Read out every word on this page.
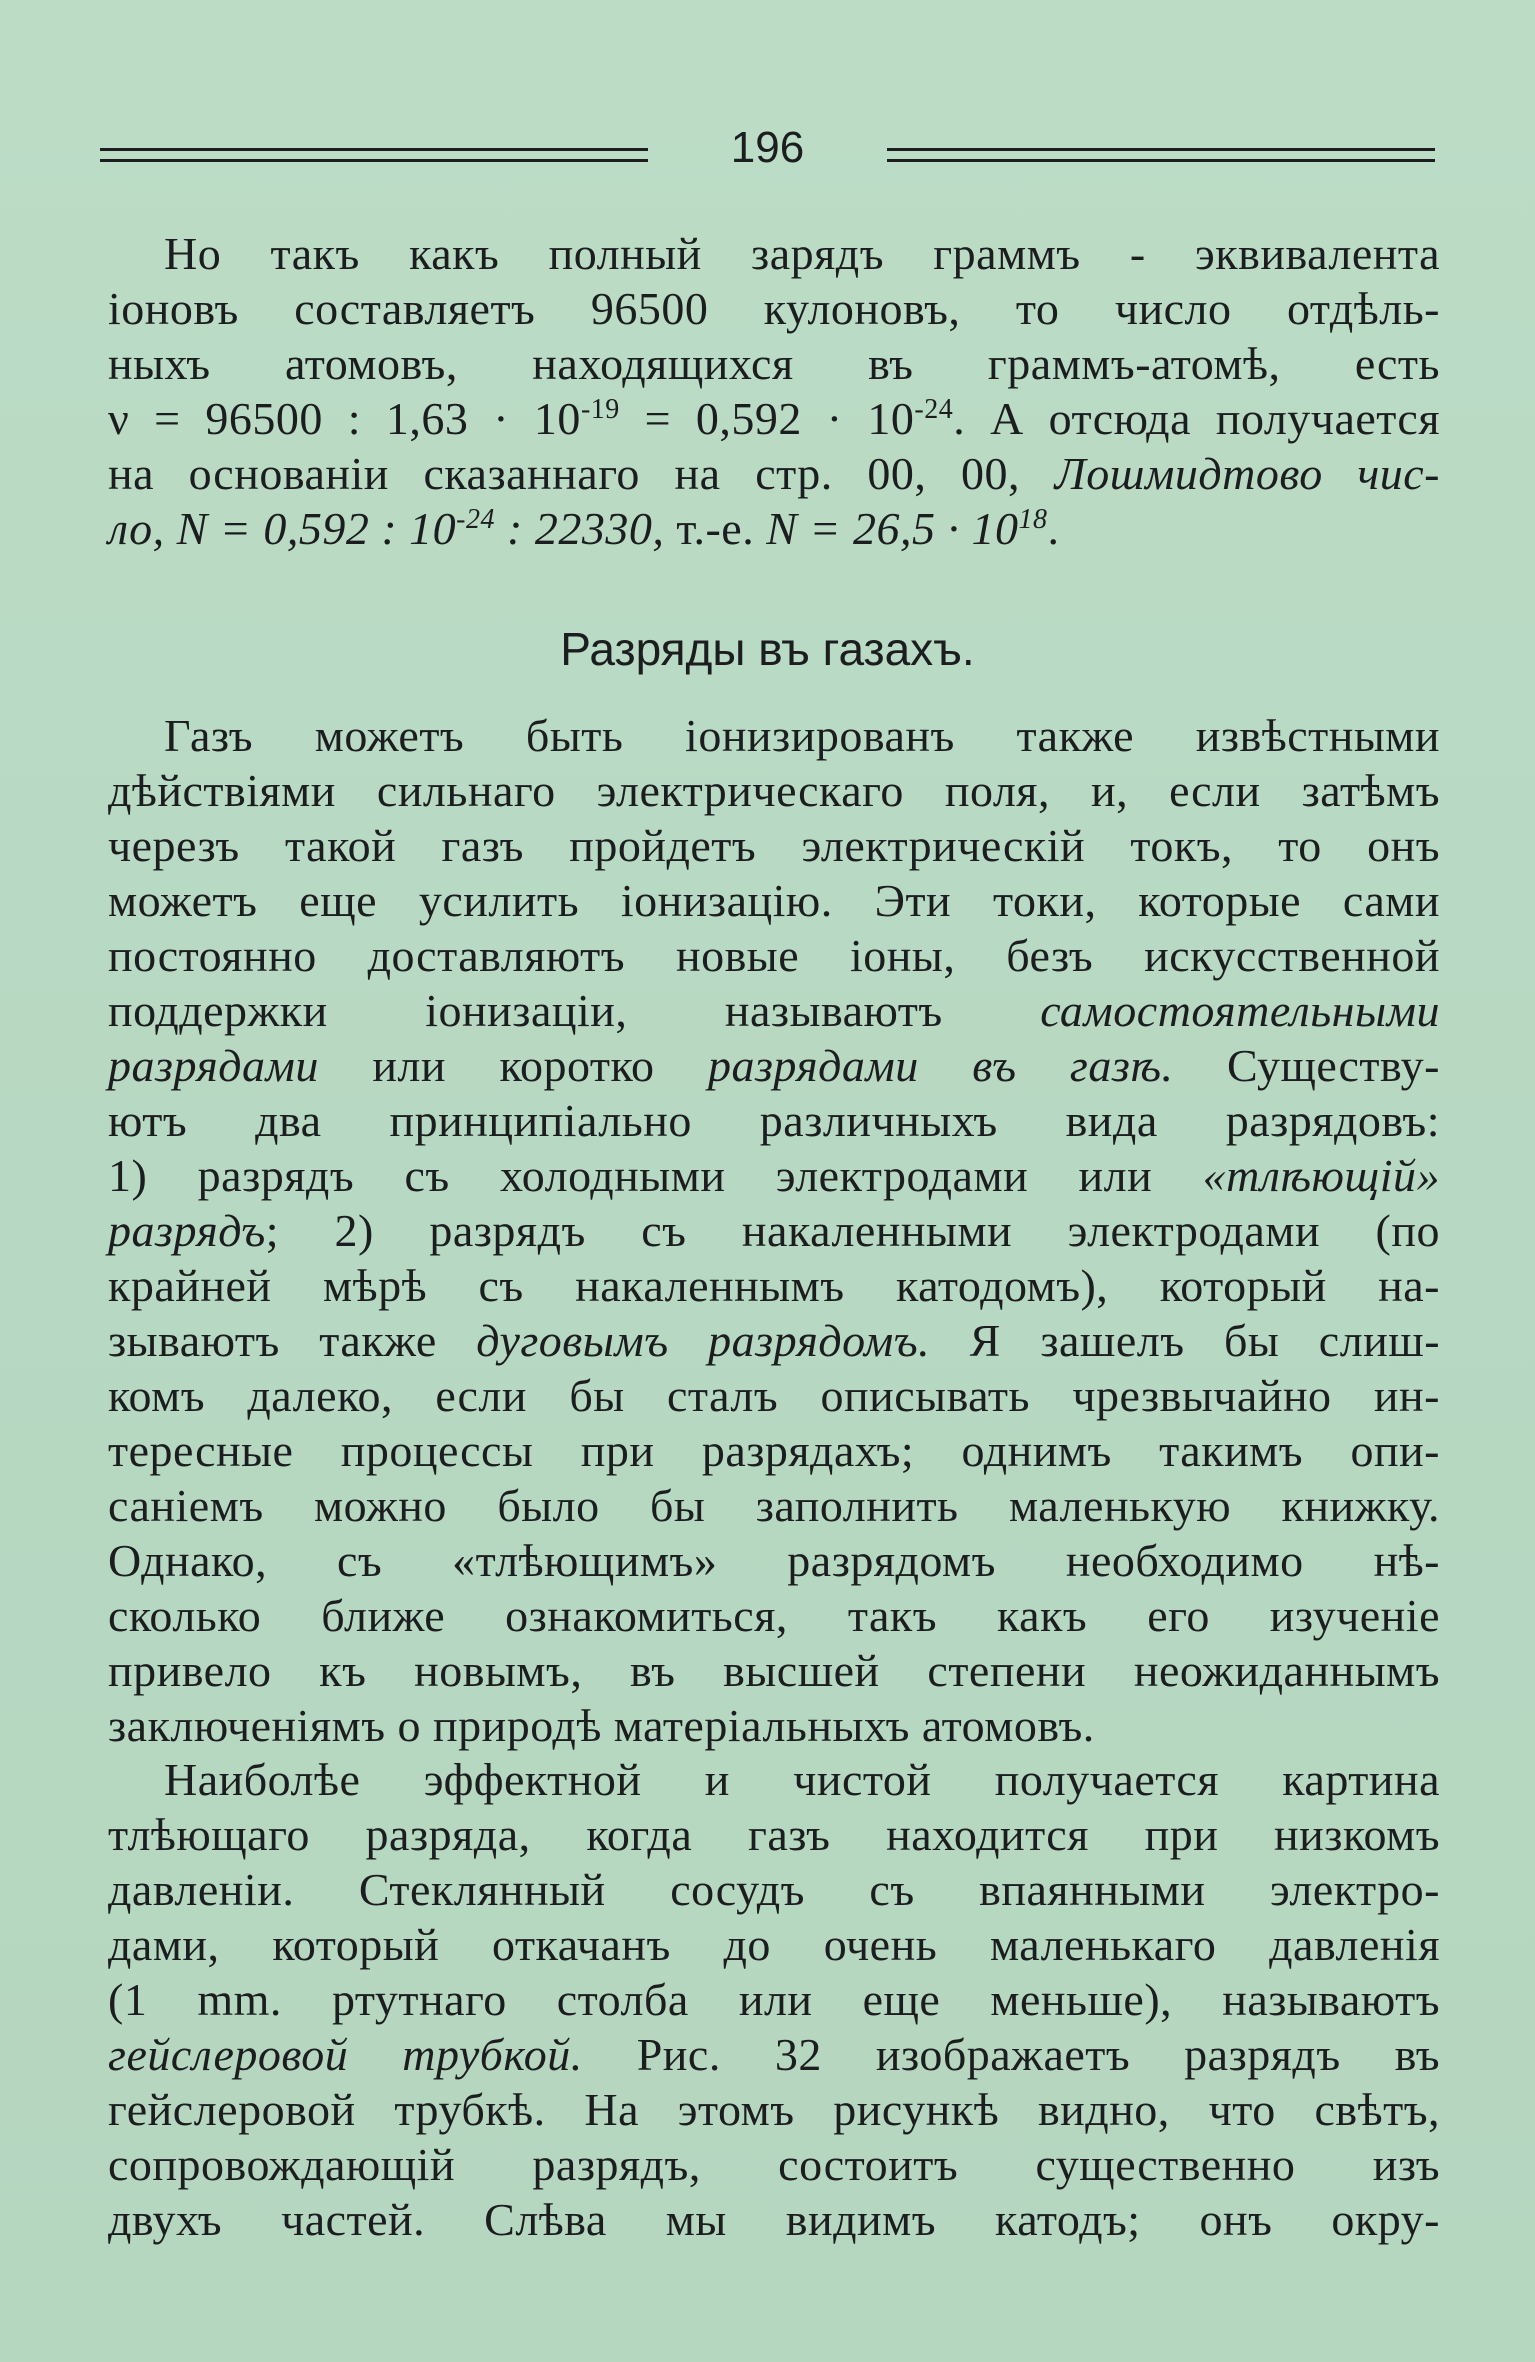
196
Но такъ какъ полный зарядъ граммъ - эквивалента
іоновъ составляетъ 96500 кулоновъ, то число отдѣль-
ныхъ атомовъ, находящихся въ граммъ-атомѣ, есть
ν = 96500 : $1,63 \cdot 10^{-19} = 0,592 \cdot 10^{-24}$. А отсюда получается
на основаніи сказаннаго на стр. 00, 00, Лошмидтово чис-
ло, N = 0,592 : $10^{-24}$ : 22330, т.-е. $N = 26,5 \cdot 10^{18}$.
Разряды въ газахъ.
Газъ можетъ быть іонизированъ также извѣстными
дѣйствіями сильнаго электрическаго поля, и, если затѣмъ
черезъ такой газъ пройдетъ электрическій токъ, то онъ
можетъ еще усилить іонизацію. Эти токи, которые сами
постоянно доставляютъ новые іоны, безъ искусственной
поддержки іонизаціи, называютъ самостоятельными
разрядами или коротко разрядами въ газѣ. Существу-
ютъ два принципіально различныхъ вида разрядовъ:
1) разрядъ съ холодными электродами или «тлѣющій»
разрядъ; 2) разрядъ съ накаленными электродами (по
крайней мѣрѣ съ накаленнымъ катодомъ), который на-
зываютъ также дуговымъ разрядомъ. Я зашелъ бы слиш-
комъ далеко, если бы сталъ описывать чрезвычайно ин-
тересные процессы при разрядахъ; однимъ такимъ опи-
саніемъ можно было бы заполнить маленькую книжку.
Однако, съ «тлѣющимъ» разрядомъ необходимо нѣ-
сколько ближе ознакомиться, такъ какъ его изученіе
привело къ новымъ, въ высшей степени неожиданнымъ
заключеніямъ о природѣ матеріальныхъ атомовъ.
Наиболѣе эффектной и чистой получается картина
тлѣющаго разряда, когда газъ находится при низкомъ
давленіи. Стеклянный сосудъ съ впаянными электро-
дами, который откачанъ до очень маленькаго давленія
(1 mm. ртутнаго столба или еще меньше), называютъ
гейслеровой трубкой. Рис. 32 изображаетъ разрядъ въ
гейслеровой трубкѣ. На этомъ рисункѣ видно, что свѣтъ,
сопровождающій разрядъ, состоитъ существенно изъ
двухъ частей. Слѣва мы видимъ катодъ; онъ окру-
